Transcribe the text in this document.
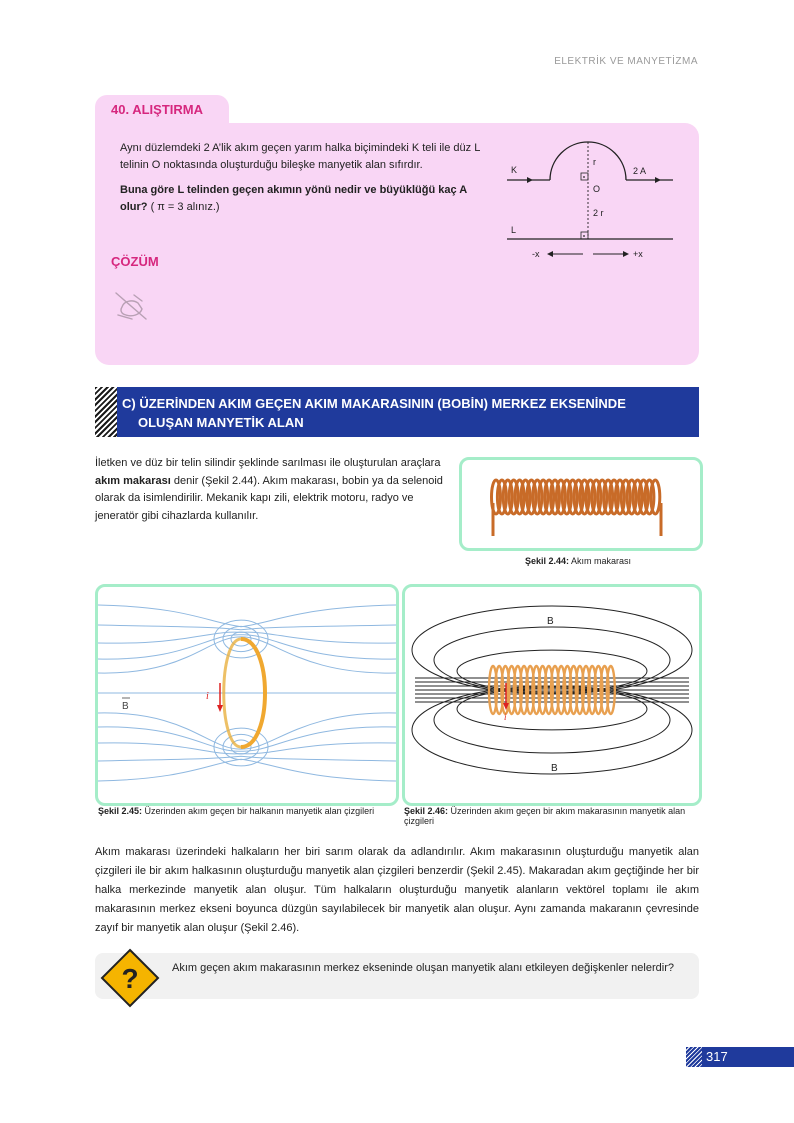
ELEKTRİK VE MANYETİZMA
40. ALIŞTIRMA

Aynı düzlemdeki 2 A’lik akım geçen yarım halka biçimindeki K teli ile düz L telinin O noktasında oluşturduğu bileşke manyetik alan sıfırdır.

Buna göre L telinden geçen akımın yönü nedir ve büyüklüğü kaç A olur? ( π = 3 alınız.)

ÇÖZÜM
K
r
O
2 A
2 r
L
-x	+x
C) ÜZERİNDEN AKIM GEÇEN AKIM MAKARASININ (BOBİN) MERKEZ EKSENİNDE
OLUŞAN MANYETİK ALAN
İletken ve düz bir telin silindir şeklinde sarılması ile oluşturulan araçlara akım makarası denir (Şekil 2.44). Akım makarası, bobin ya da selenoid olarak da isimlendirilir. Mekanik kapı zili, elektrik motoru, radyo ve jeneratör gibi cihazlarda kullanılır.
Şekil 2.44: Akım makarası
i
B
i
B
B
Şekil 2.45: Üzerinden akım geçen bir halkanın manyetik alan çizgileri	Şekil 2.46: Üzerinden akım geçen bir akım makarasının manyetik alan çizgileri
Akım makarası üzerindeki halkaların her biri sarım olarak da adlandırılır. Akım makarasının oluşturduğu manyetik alan çizgileri ile bir akım halkasının oluşturduğu manyetik alan çizgileri benzerdir (Şekil 2.45). Makaradan akım geçtiğinde her bir halka merkezinde manyetik alan oluşur. Tüm halkaların oluşturduğu manyetik alanların vektörel toplamı ile akım makarasının merkez ekseni boyunca düzgün sayılabilecek bir manyetik alan oluşur. Aynı zamanda makaranın çevresinde zayıf bir manyetik alan oluşur (Şekil 2.46).
?	Akım geçen akım makarasının merkez ekseninde oluşan manyetik alanı etkileyen değişkenler nelerdir?
317
